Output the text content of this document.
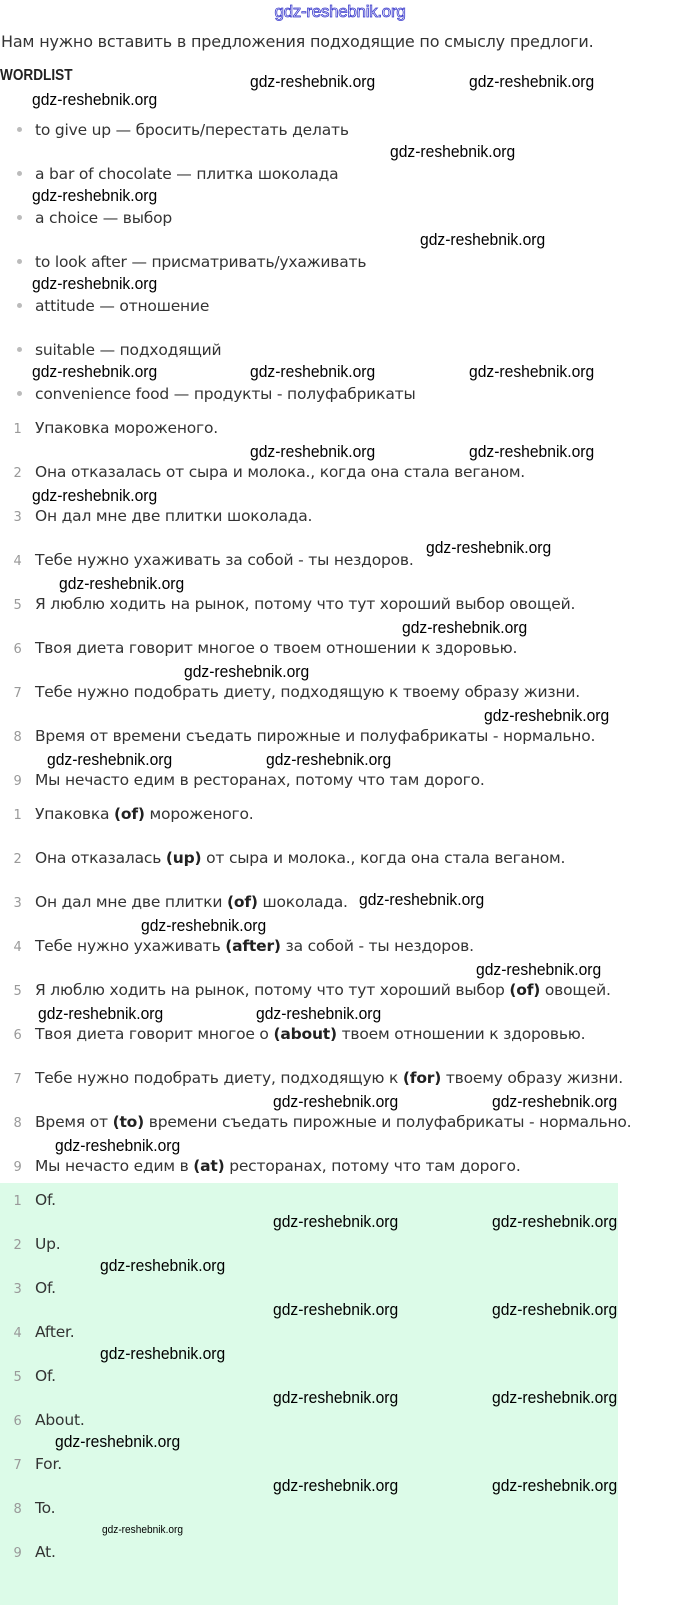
gdz-reshebnik.org
Нам нужно вставить в предложения подходящие по смыслу предлоги.
WORDLIST
to give up — бросить/перестать делать
a bar of chocolate — плитка шоколада
a choice — выбор
to look after — присматривать/ухаживать
attitude — отношение
suitable — подходящий
convenience food — продукты - полуфабрикаты
1 Упаковка мороженого.
2 Она отказалась от сыра и молока., когда она стала веганом.
3 Он дал мне две плитки шоколада.
4 Тебе нужно ухаживать за собой - ты нездоров.
5 Я люблю ходить на рынок, потому что тут хороший выбор овощей.
6 Твоя диета говорит многое о твоем отношении к здоровью.
7 Тебе нужно подобрать диету, подходящую к твоему образу жизни.
8 Время от времени съедать пирожные и полуфабрикаты - нормально.
9 Мы нечасто едим в ресторанах, потому что там дорого.
1 Упаковка (of) мороженого.
2 Она отказалась (up) от сыра и молока., когда она стала веганом.
3 Он дал мне две плитки (of) шоколада.
4 Тебе нужно ухаживать (after) за собой - ты нездоров.
5 Я люблю ходить на рынок, потому что тут хороший выбор (of) овощей.
6 Твоя диета говорит многое о (about) твоем отношении к здоровью.
7 Тебе нужно подобрать диету, подходящую к (for) твоему образу жизни.
8 Время от (to) времени съедать пирожные и полуфабрикаты - нормально.
9 Мы нечасто едим в (at) ресторанах, потому что там дорого.
1 Of.
2 Up.
3 Of.
4 After.
5 Of.
6 About.
7 For.
8 To.
9 At.
gdz-reshebnik.org
gdz-reshebnik.org	gdz-reshebnik.org
gdz-reshebnik.org
gdz-reshebnik.org
gdz-reshebnik.org
gdz-reshebnik.org
gdz-reshebnik.org	gdz-reshebnik.org
gdz-reshebnik.org
gdz-reshebnik.org	gdz-reshebnik.org
gdz-reshebnik.org
gdz-reshebnik.org
gdz-reshebnik.org
gdz-reshebnik.org
gdz-reshebnik.org
gdz-reshebnik.org
gdz-reshebnik.org	gdz-reshebnik.org
gdz-reshebnik.org
gdz-reshebnik.org
gdz-reshebnik.org	gdz-reshebnik.org
gdz-reshebnik.org
gdz-reshebnik.org	gdz-reshebnik.org
gdz-reshebnik.org
gdz-reshebnik.org	gdz-reshebnik.org
gdz-reshebnik.org
gdz-reshebnik.org	gdz-reshebnik.org
gdz-reshebnik.org
gdz-reshebnik.org	gdz-reshebnik.org
gdz-reshebnik.org
gdz-reshebnik.org	gdz-reshebnik.org
gdz-reshebnik.org
